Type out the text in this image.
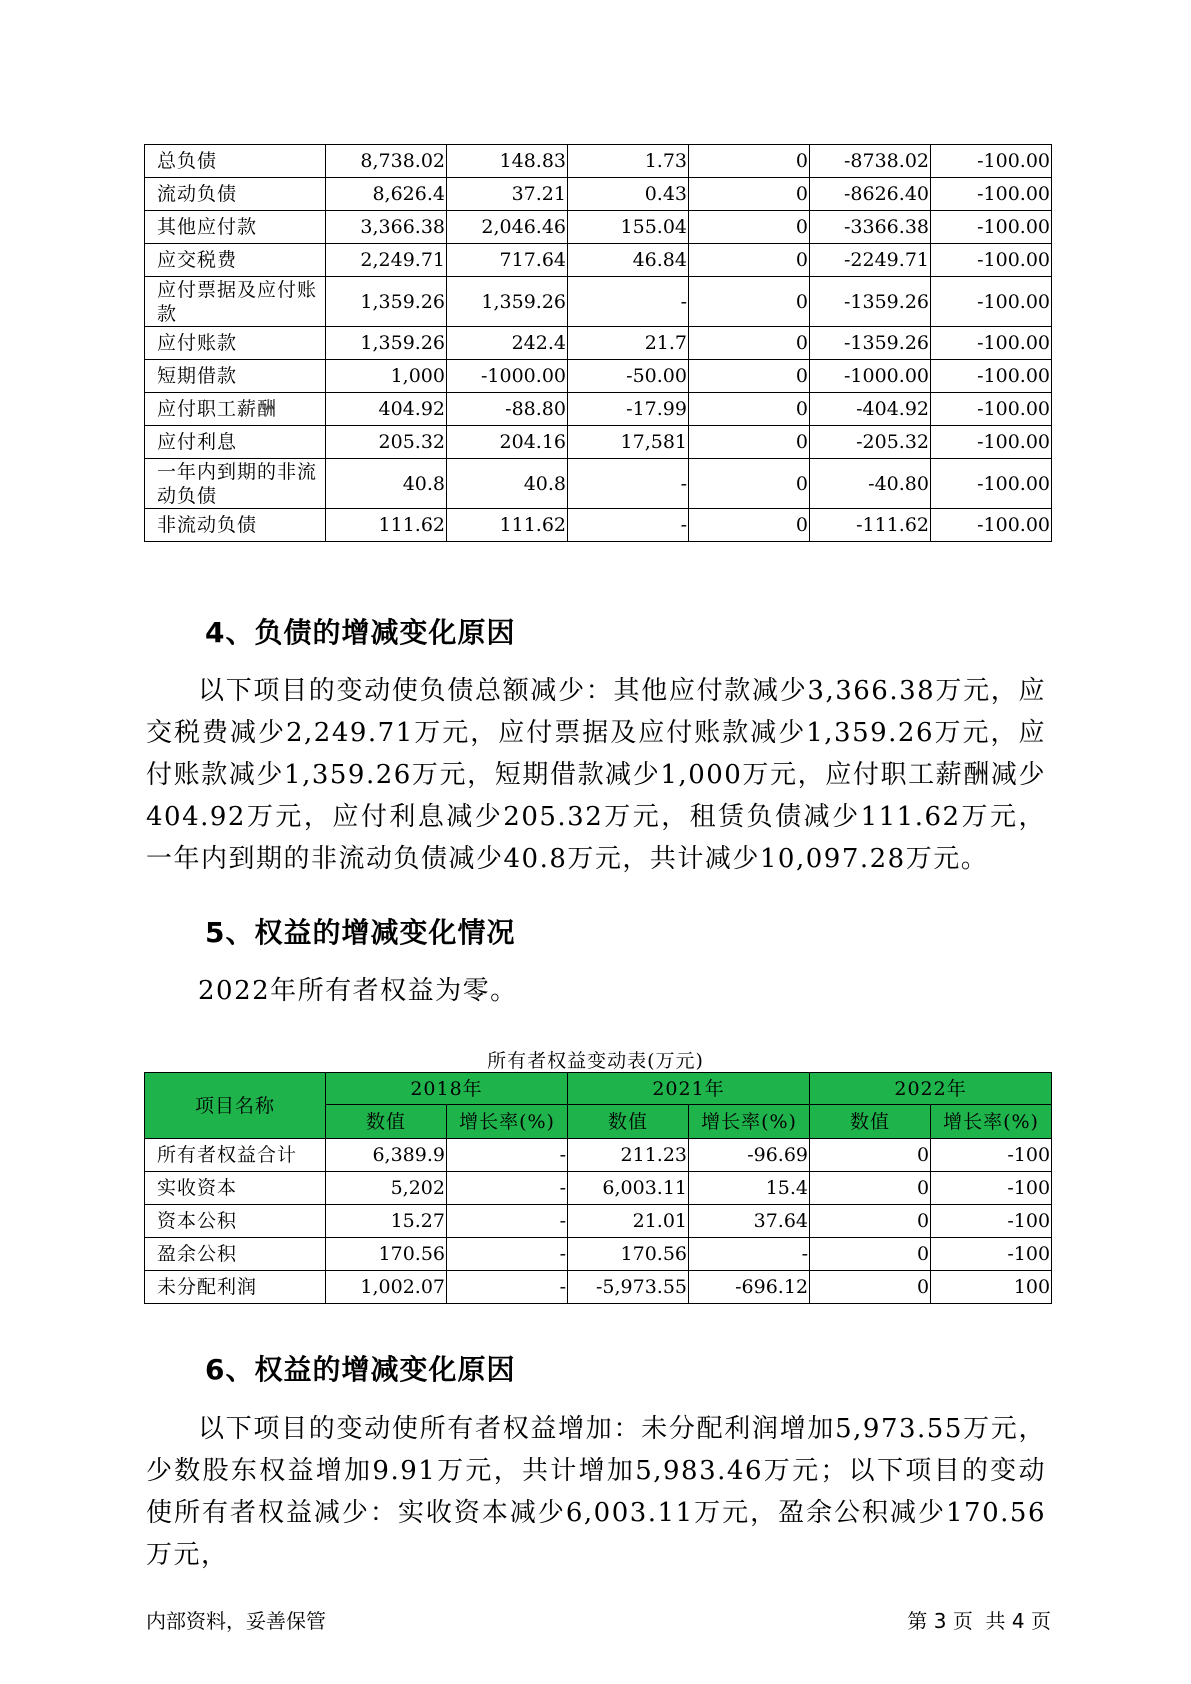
总负债	8,738.02	148.83	1.73	0	-8738.02	-100.00
流动负债	8,626.4	37.21	0.43	0	-8626.40	-100.00
其他应付款	3,366.38	2,046.46	155.04	0	-3366.38	-100.00
应交税费	2,249.71	717.64	46.84	0	-2249.71	-100.00
应付票据及应付账款	1,359.26	1,359.26	-	0	-1359.26	-100.00
应付账款	1,359.26	242.4	21.7	0	-1359.26	-100.00
短期借款	1,000	-1000.00	-50.00	0	-1000.00	-100.00
应付职工薪酬	404.92	-88.80	-17.99	0	-404.92	-100.00
应付利息	205.32	204.16	17,581	0	-205.32	-100.00
一年内到期的非流动负债	40.8	40.8	-	0	-40.80	-100.00
非流动负债	111.62	111.62	-	0	-111.62	-100.00
4、负债的增减变化原因

以下项目的变动使负债总额减少：其他应付款减少3,366.38万元，应交税费减少2,249.71万元，应付票据及应付账款减少1,359.26万元，应付账款减少1,359.26万元，短期借款减少1,000万元，应付职工薪酬减少404.92万元，应付利息减少205.32万元，租赁负债减少111.62万元，一年内到期的非流动负债减少40.8万元，共计减少10,097.28万元。

5、权益的增减变化情况

2022年所有者权益为零。

所有者权益变动表(万元)

项目名称	2018年		2021年		2022年	
	数值	增长率(%)	数值	增长率(%)	数值	增长率(%)
所有者权益合计	6,389.9	-	211.23	-96.69	0	-100
实收资本	5,202	-	6,003.11	15.4	0	-100
资本公积	15.27	-	21.01	37.64	0	-100
盈余公积	170.56	-	170.56	-	0	-100
未分配利润	1,002.07	-	-5,973.55	-696.12	0	100
6、权益的增减变化原因

以下项目的变动使所有者权益增加：未分配利润增加5,973.55万元，少数股东权益增加9.91万元，共计增加5,983.46万元；以下项目的变动使所有者权益减少：实收资本减少6,003.11万元，盈余公积减少170.56万元，

内部资料，妥善保管	第 3 页  共 4 页
